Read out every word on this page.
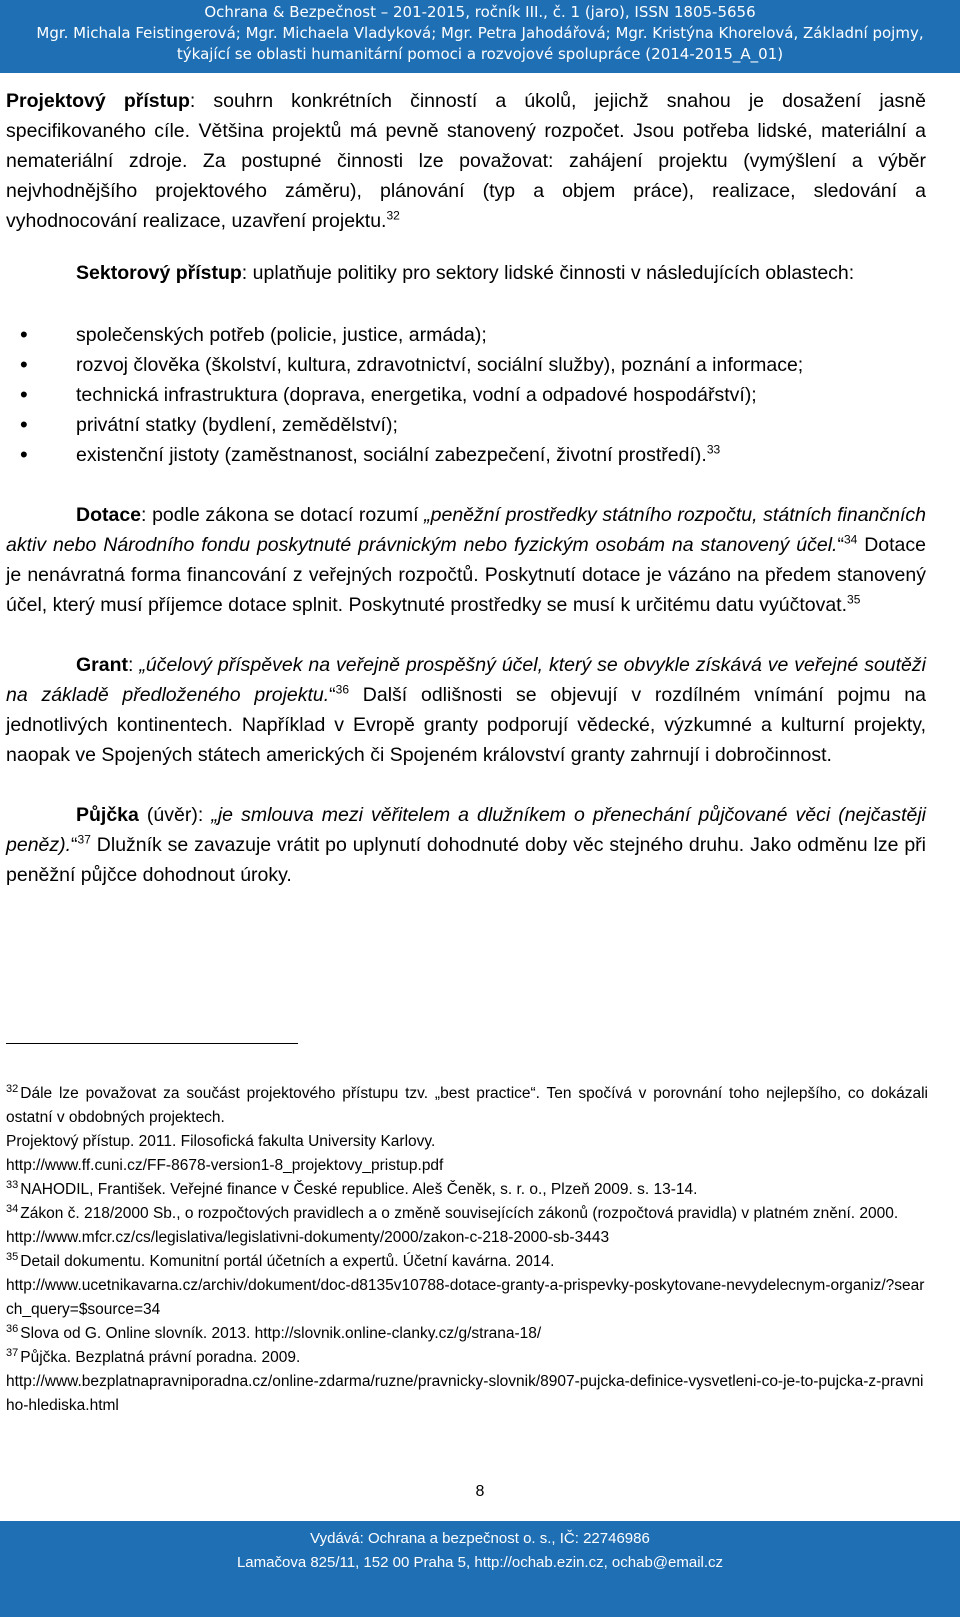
Ochrana & Bezpečnost – 201-2015, ročník III., č. 1 (jaro), ISSN 1805-5656
Mgr. Michala Feistingerová; Mgr. Michaela Vladyková; Mgr. Petra Jahodářová; Mgr. Kristýna Khorelová, Základní pojmy,
týkající se oblasti humanitární pomoci a rozvojové spolupráce (2014-2015_A_01)

Projektový přístup: souhrn konkrétních činností a úkolů, jejichž snahou je dosažení jasně specifikovaného cíle. Většina projektů má pevně stanovený rozpočet. Jsou potřeba lidské, materiální a nemateriální zdroje. Za postupné činnosti lze považovat: zahájení projektu (vymýšlení a výběr nejvhodnějšího projektového záměru), plánování (typ a objem práce), realizace, sledování a vyhodnocování realizace, uzavření projektu.$^{32}$

Sektorový přístup: uplatňuje politiky pro sektory lidské činnosti v následujících oblastech:

• společenských potřeb (policie, justice, armáda);
• rozvoj člověka (školství, kultura, zdravotnictví, sociální služby), poznání a informace;
• technická infrastruktura (doprava, energetika, vodní a odpadové hospodářství);
• privátní statky (bydlení, zemědělství);
• existenční jistoty (zaměstnanost, sociální zabezpečení, životní prostředí).$^{33}$

Dotace: podle zákona se dotací rozumí „peněžní prostředky státního rozpočtu, státních finančních aktiv nebo Národního fondu poskytnuté právnickým nebo fyzickým osobám na stanovený účel.“$^{34}$ Dotace je nenávratná forma financování z veřejných rozpočtů. Poskytnutí dotace je vázáno na předem stanovený účel, který musí příjemce dotace splnit. Poskytnuté prostředky se musí k určitému datu vyúčtovat.$^{35}$

Grant: „účelový příspěvek na veřejně prospěšný účel, který se obvykle získává ve veřejné soutěži na základě předloženého projektu.“$^{36}$ Další odlišnosti se objevují v rozdílném vnímání pojmu na jednotlivých kontinentech. Například v Evropě granty podporují vědecké, výzkumné a kulturní projekty, naopak ve Spojených státech amerických či Spojeném království granty zahrnují i dobročinnost.

Půjčka (úvěr): „je smlouva mezi věřitelem a dlužníkem o přenechání půjčované věci (nejčastěji peněz).“$^{37}$ Dlužník se zavazuje vrátit po uplynutí dohodnuté doby věc stejného druhu. Jako odměnu lze při peněžní půjčce dohodnout úroky.

$^{32}$ Dále lze považovat za součást projektového přístupu tzv. „best practice“. Ten spočívá v porovnání toho nejlepšího, co dokázali ostatní v obdobných projektech.
Projektový přístup. 2011. Filosofická fakulta University Karlovy.
http://www.ff.cuni.cz/FF-8678-version1-8_projektovy_pristup.pdf
$^{33}$ NAHODIL, František. Veřejné finance v České republice. Aleš Čeněk, s. r. o., Plzeň 2009. s. 13-14.
$^{34}$ Zákon č. 218/2000 Sb., o rozpočtových pravidlech a o změně souvisejících zákonů (rozpočtová pravidla) v platném znění. 2000.
http://www.mfcr.cz/cs/legislativa/legislativni-dokumenty/2000/zakon-c-218-2000-sb-3443
$^{35}$ Detail dokumentu. Komunitní portál účetních a expertů. Účetní kavárna. 2014.
http://www.ucetnikavarna.cz/archiv/dokument/doc-d8135v10788-dotace-granty-a-prispevky-poskytovane-nevydelecnym-organiz/?search_query=$source=34
$^{36}$ Slova od G. Online slovník. 2013. http://slovnik.online-clanky.cz/g/strana-18/
$^{37}$ Půjčka. Bezplatná právní poradna. 2009.
http://www.bezplatnapravniporadna.cz/online-zdarma/ruzne/pravnicky-slovnik/8907-pujcka-definice-vysvetleni-co-je-to-pujcka-z-pravniho-hlediska.html
8
Vydává: Ochrana a bezpečnost o. s., IČ: 22746986
Lamačova 825/11, 152 00 Praha 5, http://ochab.ezin.cz, ochab@email.cz
